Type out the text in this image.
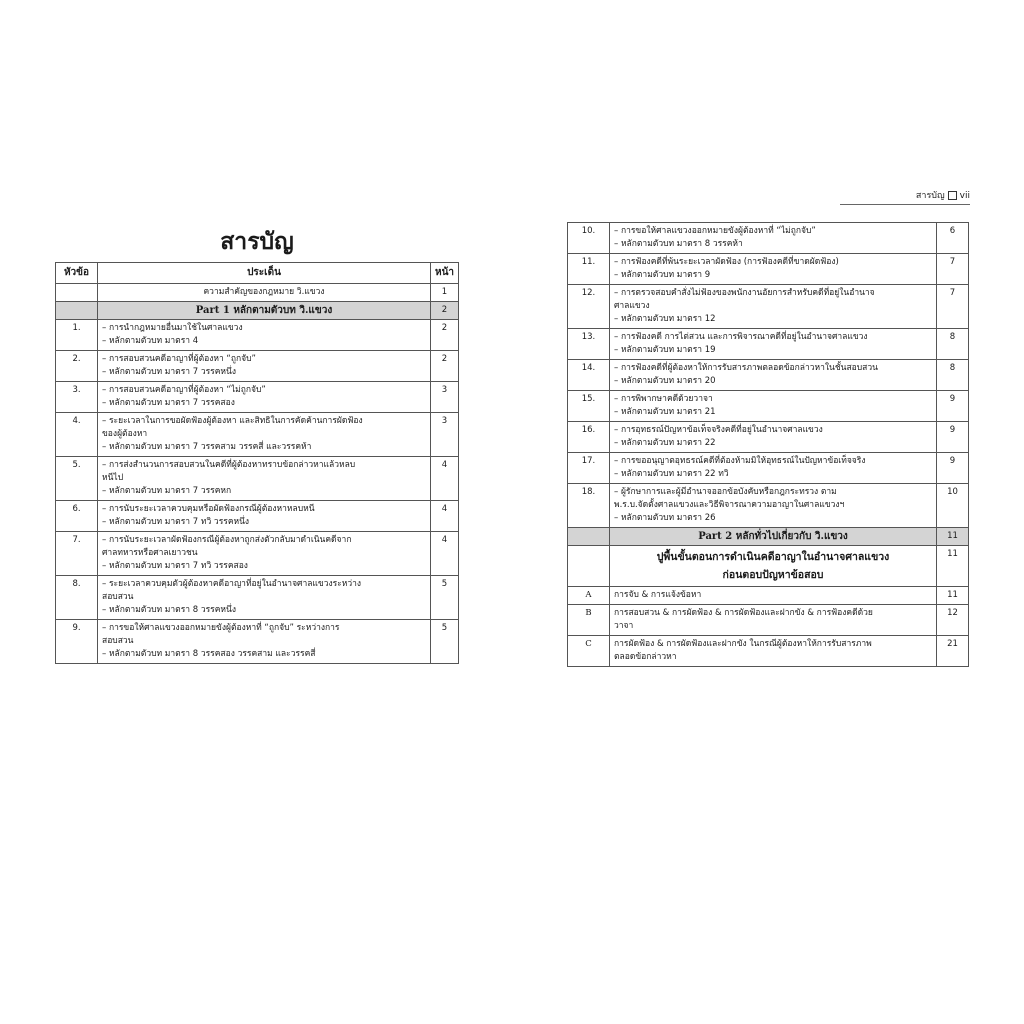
สารบัญ
หัวข้อ	ประเด็น	หน้า
	ความสำคัญของกฎหมาย วิ.แขวง	1
	Part 1 หลักตามตัวบท วิ.แขวง	2
1.	– การนำกฎหมายอื่นมาใช้ในศาลแขวง
– หลักตามตัวบท มาตรา 4	2
2.	– การสอบสวนคดีอาญาที่ผู้ต้องหา “ถูกจับ”
– หลักตามตัวบท มาตรา 7 วรรคหนึ่ง	2
3.	– การสอบสวนคดีอาญาที่ผู้ต้องหา “ไม่ถูกจับ”
– หลักตามตัวบท มาตรา 7 วรรคสอง	3
4.	– ระยะเวลาในการขอผัดฟ้องผู้ต้องหา และสิทธิในการคัดค้านการผัดฟ้อง
ของผู้ต้องหา
– หลักตามตัวบท มาตรา 7 วรรคสาม วรรคสี่ และวรรคห้า	3
5.	– การส่งสำนวนการสอบสวนในคดีที่ผู้ต้องหาทราบข้อกล่าวหาแล้วหลบ
หนีไป
– หลักตามตัวบท มาตรา 7 วรรคหก	4
6.	– การนับระยะเวลาควบคุมหรือผัดฟ้องกรณีผู้ต้องหาหลบหนี
– หลักตามตัวบท มาตรา 7 ทวิ วรรคหนึ่ง	4
7.	– การนับระยะเวลาผัดฟ้องกรณีผู้ต้องหาถูกส่งตัวกลับมาดำเนินคดีจาก
ศาลทหารหรือศาลเยาวชน
– หลักตามตัวบท มาตรา 7 ทวิ วรรคสอง	4
8.	– ระยะเวลาควบคุมตัวผู้ต้องหาคดีอาญาที่อยู่ในอำนาจศาลแขวงระหว่าง
สอบสวน
– หลักตามตัวบท มาตรา 8 วรรคหนึ่ง	5
9.	– การขอให้ศาลแขวงออกหมายขังผู้ต้องหาที่ “ถูกจับ” ระหว่างการ
สอบสวน
– หลักตามตัวบท มาตรา 8 วรรคสอง วรรคสาม และวรรคสี่	5
สารบัญ vii
10.	– การขอให้ศาลแขวงออกหมายขังผู้ต้องหาที่ “ไม่ถูกจับ”
– หลักตามตัวบท มาตรา 8 วรรคห้า	6
11.	– การฟ้องคดีที่พ้นระยะเวลาผัดฟ้อง (การฟ้องคดีที่ขาดผัดฟ้อง)
– หลักตามตัวบท มาตรา 9	7
12.	– การตรวจสอบคำสั่งไม่ฟ้องของพนักงานอัยการสำหรับคดีที่อยู่ในอำนาจ
ศาลแขวง
– หลักตามตัวบท มาตรา 12	7
13.	– การฟ้องคดี การไต่สวน และการพิจารณาคดีที่อยู่ในอำนาจศาลแขวง
– หลักตามตัวบท มาตรา 19	8
14.	– การฟ้องคดีที่ผู้ต้องหาให้การรับสารภาพตลอดข้อกล่าวหาในชั้นสอบสวน
– หลักตามตัวบท มาตรา 20	8
15.	– การพิพากษาคดีด้วยวาจา
– หลักตามตัวบท มาตรา 21	9
16.	– การอุทธรณ์ปัญหาข้อเท็จจริงคดีที่อยู่ในอำนาจศาลแขวง
– หลักตามตัวบท มาตรา 22	9
17.	– การขออนุญาตอุทธรณ์คดีที่ต้องห้ามมิให้อุทธรณ์ในปัญหาข้อเท็จจริง
– หลักตามตัวบท มาตรา 22 ทวิ	9
18.	– ผู้รักษาการและผู้มีอำนาจออกข้อบังคับหรือกฎกระทรวง ตาม
พ.ร.บ.จัดตั้งศาลแขวงและวิธีพิจารณาความอาญาในศาลแขวงฯ
– หลักตามตัวบท มาตรา 26	10
	Part 2 หลักทั่วไปเกี่ยวกับ วิ.แขวง	11

	ปูพื้นขั้นตอนการดำเนินคดีอาญาในอำนาจศาลแขวง
ก่อนตอบปัญหาข้อสอบ	11
A	การจับ & การแจ้งข้อหา	11
B	การสอบสวน & การผัดฟ้อง & การผัดฟ้องและฝากขัง & การฟ้องคดีด้วย
วาจา	12
C	การผัดฟ้อง & การผัดฟ้องและฝากขัง ในกรณีผู้ต้องหาให้การรับสารภาพ
ตลอดข้อกล่าวหา	21
